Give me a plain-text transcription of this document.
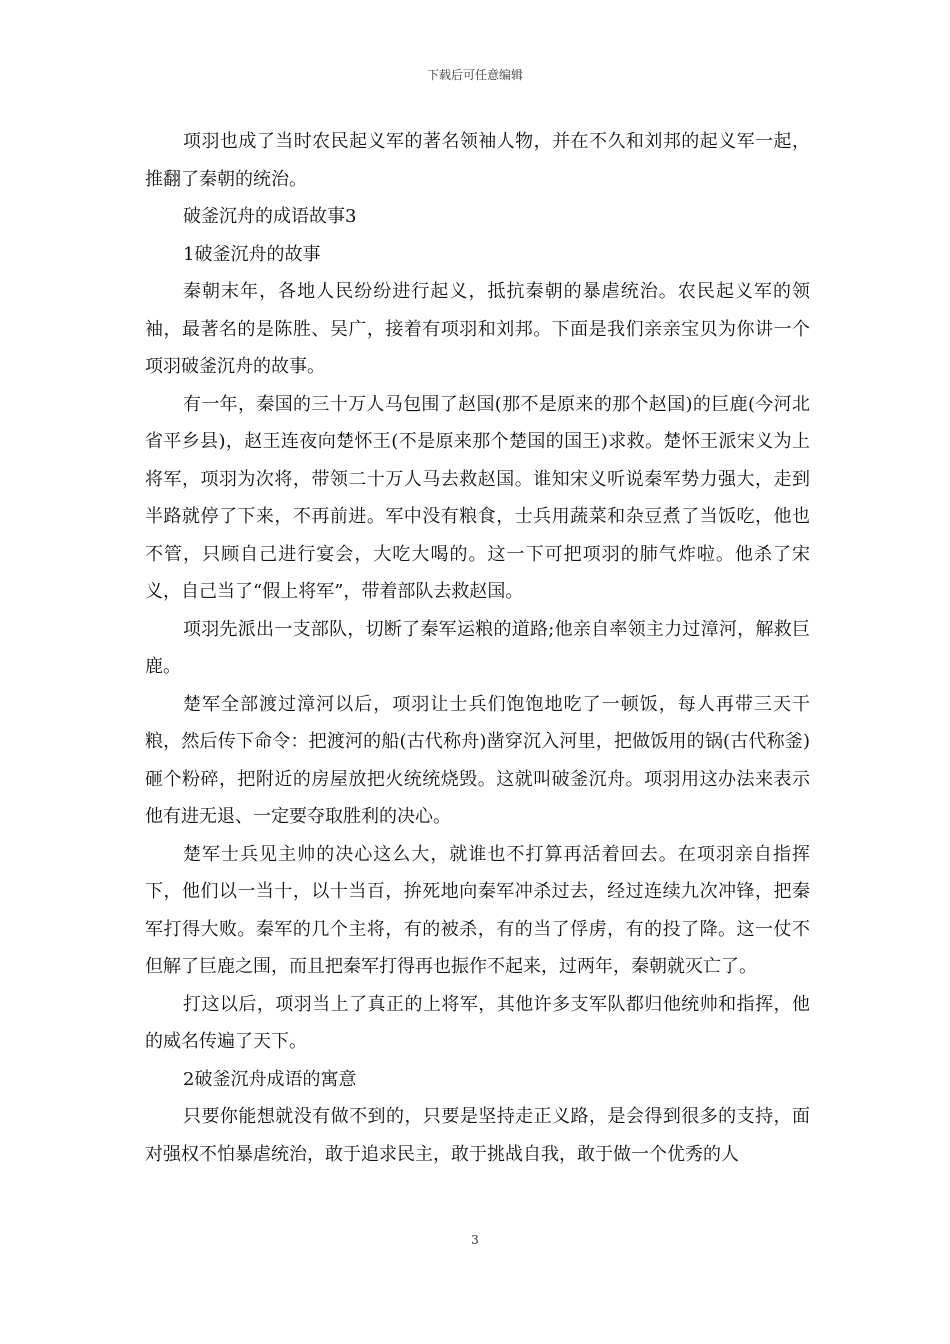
下载后可任意编辑

项羽也成了当时农民起义军的著名领袖人物，并在不久和刘邦的起义军一起，推翻了秦朝的统治。

破釜沉舟的成语故事3

1破釜沉舟的故事

秦朝末年，各地人民纷纷进行起义，抵抗秦朝的暴虐统治。农民起义军的领袖，最著名的是陈胜、吴广，接着有项羽和刘邦。下面是我们亲亲宝贝为你讲一个项羽破釜沉舟的故事。

有一年，秦国的三十万人马包围了赵国(那不是原来的那个赵国)的巨鹿(今河北省平乡县)，赵王连夜向楚怀王(不是原来那个楚国的国王)求救。楚怀王派宋义为上将军，项羽为次将，带领二十万人马去救赵国。谁知宋义听说秦军势力强大，走到半路就停了下来，不再前进。军中没有粮食，士兵用蔬菜和杂豆煮了当饭吃，他也不管，只顾自己进行宴会，大吃大喝的。这一下可把项羽的肺气炸啦。他杀了宋义，自己当了“假上将军”，带着部队去救赵国。

项羽先派出一支部队，切断了秦军运粮的道路;他亲自率领主力过漳河，解救巨鹿。

楚军全部渡过漳河以后，项羽让士兵们饱饱地吃了一顿饭，每人再带三天干粮，然后传下命令：把渡河的船(古代称舟)凿穿沉入河里，把做饭用的锅(古代称釜)砸个粉碎，把附近的房屋放把火统统烧毁。这就叫破釜沉舟。项羽用这办法来表示他有进无退、一定要夺取胜利的决心。

楚军士兵见主帅的决心这么大，就谁也不打算再活着回去。在项羽亲自指挥下，他们以一当十，以十当百，拚死地向秦军冲杀过去，经过连续九次冲锋，把秦军打得大败。秦军的几个主将，有的被杀，有的当了俘虏，有的投了降。这一仗不但解了巨鹿之围，而且把秦军打得再也振作不起来，过两年，秦朝就灭亡了。

打这以后，项羽当上了真正的上将军，其他许多支军队都归他统帅和指挥，他的威名传遍了天下。

2破釜沉舟成语的寓意

只要你能想就没有做不到的，只要是坚持走正义路，是会得到很多的支持，面对强权不怕暴虐统治，敢于追求民主，敢于挑战自我，敢于做一个优秀的人

3
